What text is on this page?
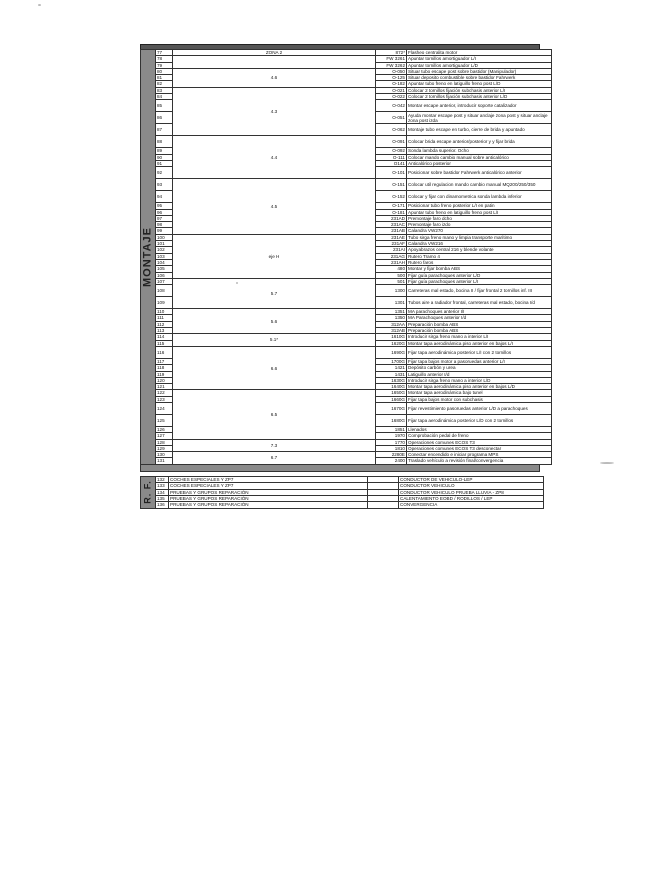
MONTAJE	77	ZONA 2	872*	Flasheo centralita motor
	78		FW 3261	Apuntar tornillos amortiguador L/I
	79		FW 3262	Apuntar tornillos amortiguador L/D
	80	4.6	O-050	Situar tubo escape post sobre bastidor (Manipulador)
	81		O-125	Situar deposito combustible sobre bastidor Fahrwerk
	82		O-182	Apuntar tubo freno en latiguillo freno post L/D
	83	4.3	O-021	Colocar 2 tornillos fijación subchasis anterior L/I
	84		O-022	Colocar 2 tornillos fijación subchasis anterior L/D
	85		O-042	Montar escape anterior, introducir soporte catalizador
	86		O-051	Ayuda montar escape post y situar anclaje zona post y situar anclaje zona post izda
	87		O-062	Montaje tubo escape en turbo, cierre de brida y apuntado
	88	4.4	O-091	Colocar brida escape anterior/posterior y y fijar brida
	89		O-092	Sonda lambda superior. Ocho
	90		O-111	Colocar mando cambio manual sobre anticalórico
	91		O141	Anticalórico posterior
	92		O-101	Posicionar sobre bastidor Fahrwerk anticalórico anterior
	93	4.5	O-151	Colocar util regulacion mando cambio manual MQ200/250/350
	94		O-152	Colocar y fijar con dinamometrica sonda lambda inferior
	95		O-171	Posicionar tubo freno posterior L/I en patin
	96		O-181	Apuntar tubo freno en latiguillo freno post L/I
	97		231AD	Premontaje faro dcho
	98		231AC	Premontaje faro izdo
	99		231AB	Calandra VW270
	100	eje H	231AE	Tubo sirga freno mano y limpia transporte marítimo
	101		231AF	Calandra VW216
	102		231AI	Apoyabrazos central 216 y blende volante
	103		231AG	Rutero Tramo 4
	104		231AH	Rutero faros
	105		480	Montar y fijar bomba ABS
	106		500	Fijar guía parachoques anterior L/D
	107	5.7	501	Fijar guía parachoques anterior L/I
	108		1300	Carreteras mal estado, bocina II / fijar frontal 2 tornillos inf. III
	109		1301	Tubos aire a radiador frontal, carreteras mal estado, bocina I/d
	110	5.6	1351	MA parachoques anterior I/I
	111		1350	MA Parachoques anterior I/d
	112		312AA	Preparación bomba ABS
	113		312AB	Preparación bomba ABS
	114	5.1*	1610G	Introducir sirga freno mano a interior L/I
	115		1620G	Montar tapa aerodinámica piso anterior en bajos L/I
	116	6.6	1690G	Fijar tapa aerodinámica posterior L/I con 2 tornillos
	117		1700G	Fijar tapa bajos motor a pasoruedas anterior L/I
	118		1421	Depósito carbón y urea
	119		1431	Latiguillo anterior I/d
	120		1630G	Introducir sirga freno mano a interior L/D
	121		1640G	Montar tapa aerodinámica piso anterior en bajos L/D
	122	6.5	1650G	Montar tapa aerodinámica bajo tunel
	123		1660G	Fijar tapa bajos motor con subchasis
	124		1670G	Fijar revestimiento pasoruedas anterior L/D a parachoques
	125		1680G	Fijar tapa aerodinámica posterior L/D con 2 tornillos
	126		1851	Llenados
	127		1970	Comprobación pedal de freno
	128	7.3	1770	Operaciones comunes ECOS T3
	129		1810	Operaciones comunes ECOS T3 desconectar
	130	6.7	2280E	Conectar encendido e iniciar programa MPS
	131		2400	Traslado vehículo a revisión final/convergencia
R. F.	132	COCHES ESPECIALES Y ZP7		CONDUCTOR DE VEHICULO-LEP
	133	COCHES ESPECIALES Y ZP7		CONDUCTOR VEHICULO
	134	PRUEBAS Y GRUPOS REPARACIÓN		CONDUCTOR VEHICULO PRUEBA LLUVIA - ZP8
	135	PRUEBAS Y GRUPOS REPARACIÓN		CALENTAMIENTO EOBD / RODILLOS / LEP
	136	PRUEBAS Y GRUPOS REPARACIÓN		CONVERGENCIA
